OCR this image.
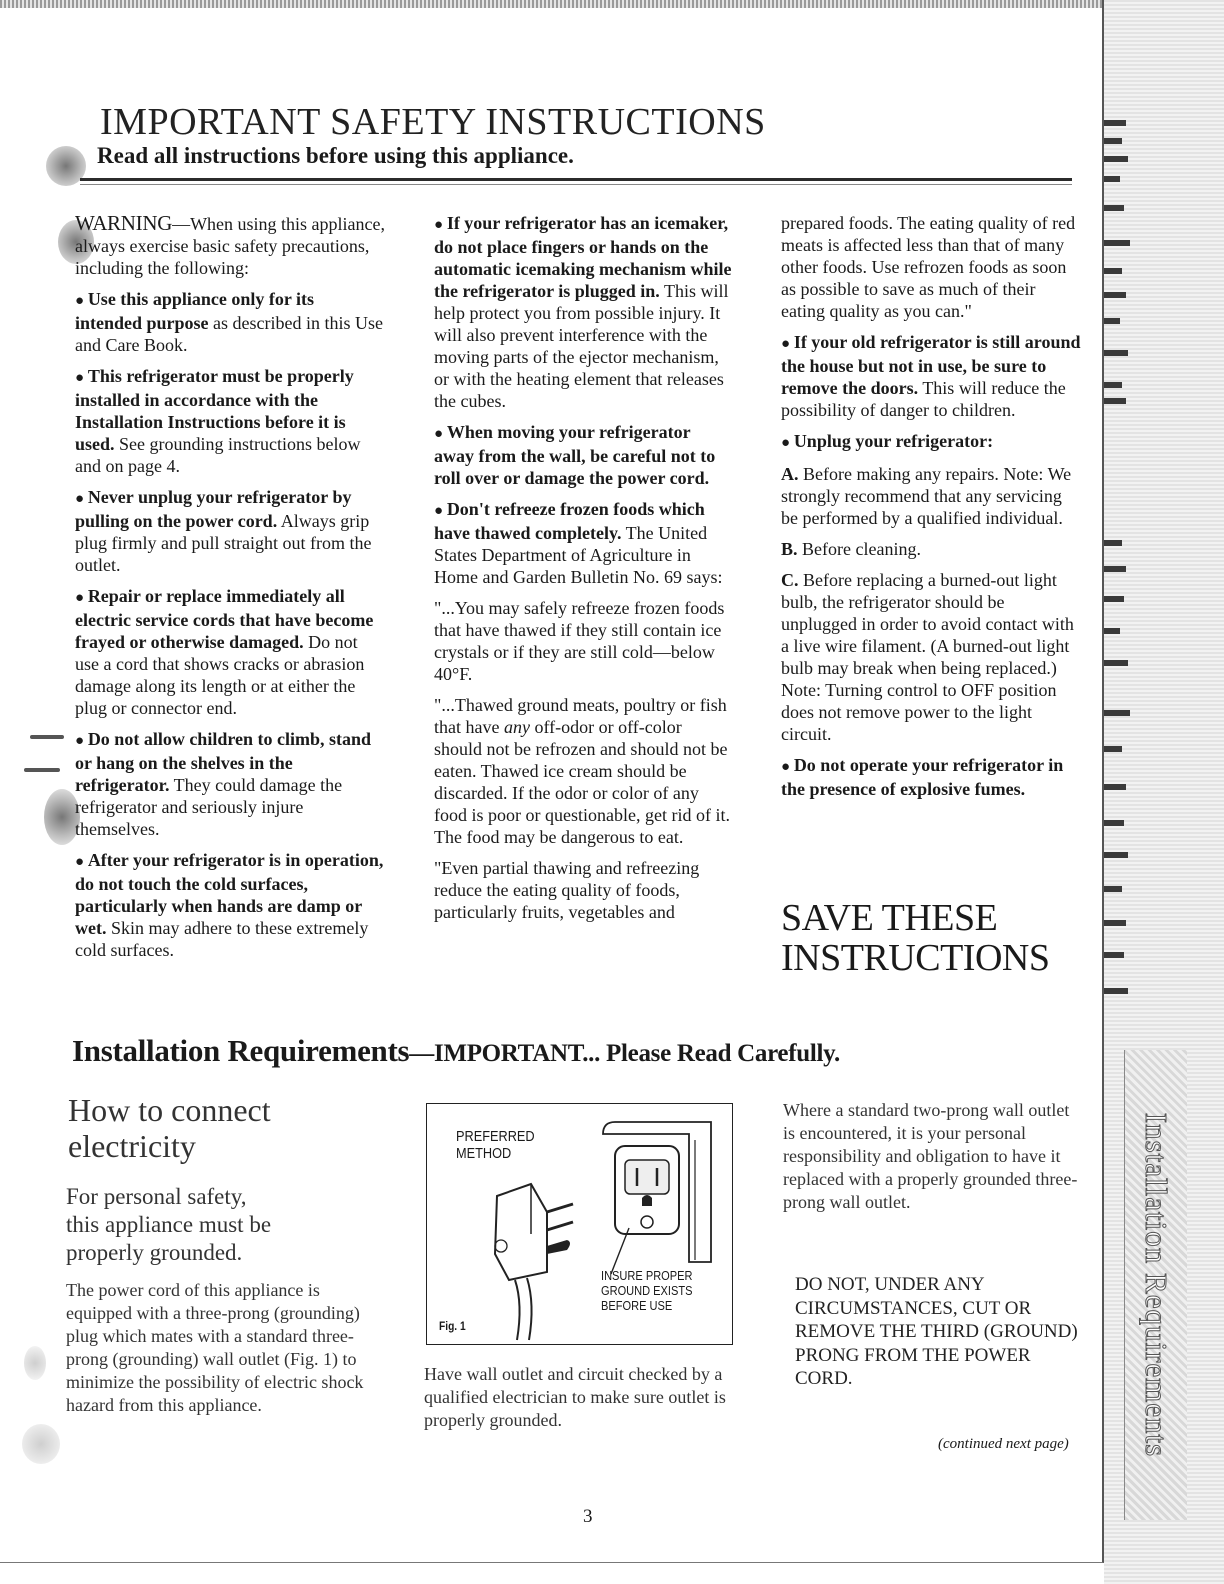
Installation Requirements
IMPORTANT SAFETY INSTRUCTIONS
Read all instructions before using this appliance.

WARNING—When using this appliance, always exercise basic safety precautions, including the following:

● Use this appliance only for its intended purpose as described in this Use and Care Book.

● This refrigerator must be properly installed in accordance with the Installation Instructions before it is used. See grounding instructions below and on page 4.

● Never unplug your refrigerator by pulling on the power cord. Always grip plug firmly and pull straight out from the outlet.

● Repair or replace immediately all electric service cords that have become frayed or otherwise damaged. Do not use a cord that shows cracks or abrasion damage along its length or at either the plug or connector end.

● Do not allow children to climb, stand or hang on the shelves in the refrigerator. They could damage the refrigerator and seriously injure themselves.

● After your refrigerator is in operation, do not touch the cold surfaces, particularly when hands are damp or wet. Skin may adhere to these extremely cold surfaces.

● If your refrigerator has an icemaker, do not place fingers or hands on the automatic icemaking mechanism while the refrigerator is plugged in. This will help protect you from possible injury. It will also prevent interference with the moving parts of the ejector mechanism, or with the heating element that releases the cubes.

● When moving your refrigerator away from the wall, be careful not to roll over or damage the power cord.

● Don't refreeze frozen foods which have thawed completely. The United States Department of Agriculture in Home and Garden Bulletin No. 69 says:

"...You may safely refreeze frozen foods that have thawed if they still contain ice crystals or if they are still cold—below 40°F.

"...Thawed ground meats, poultry or fish that have any off-odor or off-color should not be refrozen and should not be eaten. Thawed ice cream should be discarded. If the odor or color of any food is poor or questionable, get rid of it. The food may be dangerous to eat.

"Even partial thawing and refreezing reduce the eating quality of foods, particularly fruits, vegetables and

prepared foods. The eating quality of red meats is affected less than that of many other foods. Use refrozen foods as soon as possible to save as much of their eating quality as you can."

● If your old refrigerator is still around the house but not in use, be sure to remove the doors. This will reduce the possibility of danger to children.

● Unplug your refrigerator:

A. Before making any repairs. Note: We strongly recommend that any servicing be performed by a qualified individual.

B. Before cleaning.

C. Before replacing a burned-out light bulb, the refrigerator should be unplugged in order to avoid contact with a live wire filament. (A burned-out light bulb may break when being replaced.) Note: Turning control to OFF position does not remove power to the light circuit.

● Do not operate your refrigerator in the presence of explosive fumes.

SAVE THESE
INSTRUCTIONS
Installation Requirements—IMPORTANT... Please Read Carefully.
How to connect
electricity
For personal safety,
this appliance must be
properly grounded.
The power cord of this appliance is equipped with a three-prong (grounding) plug which mates with a standard three-prong (grounding) wall outlet (Fig. 1) to minimize the possibility of electric shock hazard from this appliance.
PREFERRED
METHOD
INSURE PROPER
GROUND EXISTS
BEFORE USE
Fig. 1
Have wall outlet and circuit checked by a qualified electrician to make sure outlet is properly grounded.
Where a standard two-prong wall outlet is encountered, it is your personal responsibility and obligation to have it replaced with a properly grounded three-prong wall outlet.

DO NOT, UNDER ANY CIRCUMSTANCES, CUT OR REMOVE THE THIRD (GROUND) PRONG FROM THE POWER CORD.

(continued next page)

3
